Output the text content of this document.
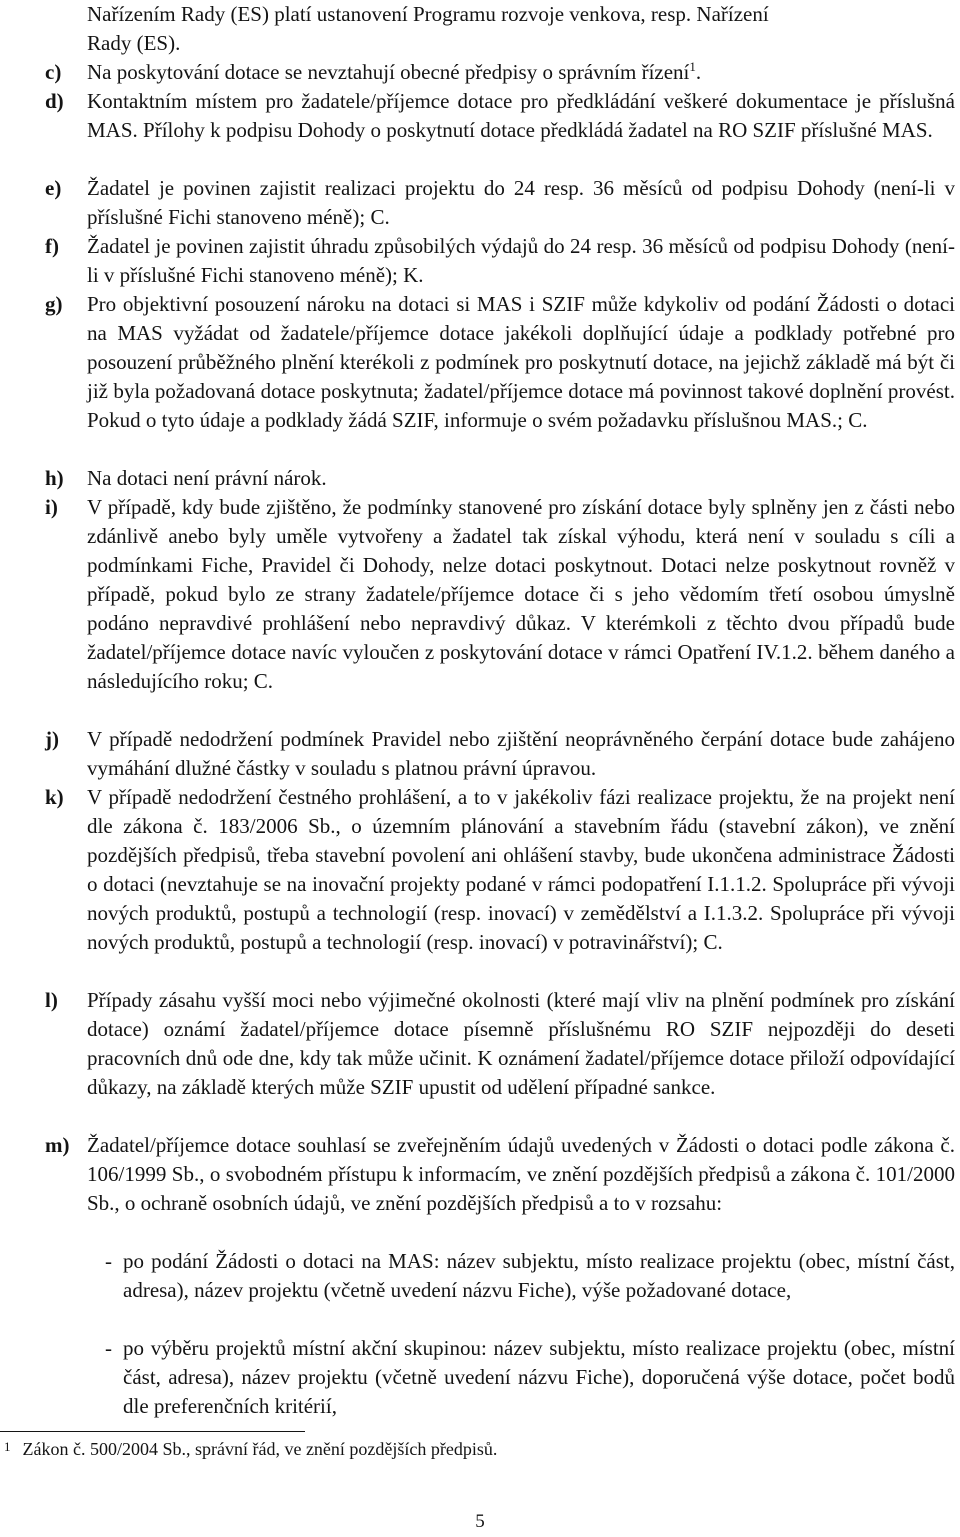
Nařízením Rady (ES) platí ustanovení Programu rozvoje venkova, resp. Nařízení
Rady (ES).
c) Na poskytování dotace se nevztahují obecné předpisy o správním řízení$^1$.
d) Kontaktním místem pro žadatele/příjemce dotace pro předkládání veškeré dokumentace je příslušná MAS. Přílohy k podpisu Dohody o poskytnutí dotace předkládá žadatel na RO SZIF příslušné MAS.
e) Žadatel je povinen zajistit realizaci projektu do 24 resp. 36 měsíců od podpisu Dohody (není-li v příslušné Fichi stanoveno méně); C.
f) Žadatel je povinen zajistit úhradu způsobilých výdajů do 24 resp. 36 měsíců od podpisu Dohody (není-li v příslušné Fichi stanoveno méně); K.
g) Pro objektivní posouzení nároku na dotaci si MAS i SZIF může kdykoliv od podání Žádosti o dotaci na MAS vyžádat od žadatele/příjemce dotace jakékoli doplňující údaje a podklady potřebné pro posouzení průběžného plnění kterékoli z podmínek pro poskytnutí dotace, na jejichž základě má být či již byla požadovaná dotace poskytnuta; žadatel/příjemce dotace má povinnost takové doplnění provést. Pokud o tyto údaje a podklady žádá SZIF, informuje o svém požadavku příslušnou MAS.; C.
h) Na dotaci není právní nárok.
i) V případě, kdy bude zjištěno, že podmínky stanovené pro získání dotace byly splněny jen z části nebo zdánlivě anebo byly uměle vytvořeny a žadatel tak získal výhodu, která není v souladu s cíli a podmínkami Fiche, Pravidel či Dohody, nelze dotaci poskytnout. Dotaci nelze poskytnout rovněž v případě, pokud bylo ze strany žadatele/příjemce dotace či s jeho vědomím třetí osobou úmyslně podáno nepravdivé prohlášení nebo nepravdivý důkaz. V kterémkoli z těchto dvou případů bude žadatel/příjemce dotace navíc vyloučen z poskytování dotace v rámci Opatření IV.1.2. během daného a následujícího roku; C.
j) V případě nedodržení podmínek Pravidel nebo zjištění neoprávněného čerpání dotace bude zahájeno vymáhání dlužné částky v souladu s platnou právní úpravou.
k) V případě nedodržení čestného prohlášení, a to v jakékoliv fázi realizace projektu, že na projekt není dle zákona č. 183/2006 Sb., o územním plánování a stavebním řádu (stavební zákon), ve znění pozdějších předpisů, třeba stavební povolení ani ohlášení stavby, bude ukončena administrace Žádosti o dotaci (nevztahuje se na inovační projekty podané v rámci podopatření I.1.1.2. Spolupráce při vývoji nových produktů, postupů a technologií (resp. inovací) v zemědělství a I.1.3.2. Spolupráce při vývoji nových produktů, postupů a technologií (resp. inovací) v potravinářství); C.
l) Případy zásahu vyšší moci nebo výjimečné okolnosti (které mají vliv na plnění podmínek pro získání dotace) oznámí žadatel/příjemce dotace písemně příslušnému RO SZIF nejpozději do deseti pracovních dnů ode dne, kdy tak může učinit. K oznámení žadatel/příjemce dotace přiloží odpovídající důkazy, na základě kterých může SZIF upustit od udělení případné sankce.
m) Žadatel/příjemce dotace souhlasí se zveřejněním údajů uvedených v Žádosti o dotaci podle zákona č. 106/1999 Sb., o svobodném přístupu k informacím, ve znění pozdějších předpisů a zákona č. 101/2000 Sb., o ochraně osobních údajů, ve znění pozdějších předpisů a to v rozsahu:
- po podání Žádosti o dotaci na MAS: název subjektu, místo realizace projektu (obec, místní část, adresa), název projektu (včetně uvedení názvu Fiche), výše požadované dotace,
- po výběru projektů místní akční skupinou: název subjektu, místo realizace projektu (obec, místní část, adresa), název projektu (včetně uvedení názvu Fiche), doporučená výše dotace, počet bodů dle preferenčních kritérií,
$^1$ Zákon č. 500/2004 Sb., správní řád, ve znění pozdějších předpisů.
5
